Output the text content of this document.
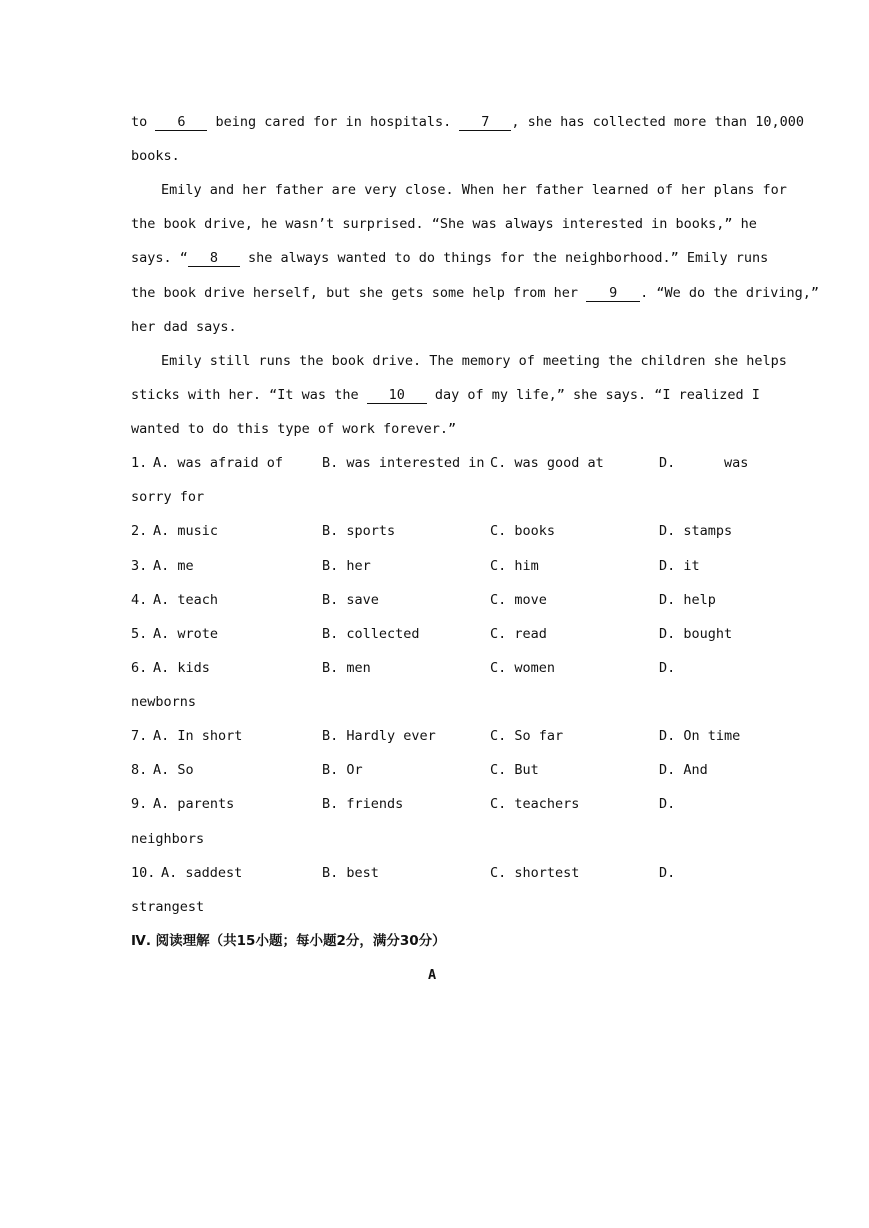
to 6 being cared for in hospitals. 7 , she has collected more than 10,000
books.
Emily and her father are very close. When her father learned of her plans for
the book drive, he wasn’t surprised. “She was always interested in books,” he
says. “ 8 she always wanted to do things for the neighborhood.” Emily runs
the book drive herself, but she gets some help from her 9 . “We do the driving,”
her dad says.
Emily still runs the book drive. The memory of meeting the children she helps
sticks with her. “It was the 10 day of my life,” she says. “I realized I
wanted to do this type of work forever.”
1. A. was afraid of	B. was interested in C. was good at	D.      was
sorry for
2. A. music	B. sports	C. books	D. stamps
3. A. me	B. her	C. him	D. it
4. A. teach	B. save	C. move	D. help
5. A. wrote	B. collected	C. read	D. bought
6. A. kids	B. men	C. women	D.
newborns
7. A. In short	B. Hardly ever	C. So far	D. On time
8. A. So	B. Or	C. But	D. And
9. A. parents	B. friends	C. teachers	D.
neighbors
10. A. saddest	B. best	C. shortest	D.
strangest
Ⅳ. 阅读理解（共15小题；每小题2分，满分30分）
A
